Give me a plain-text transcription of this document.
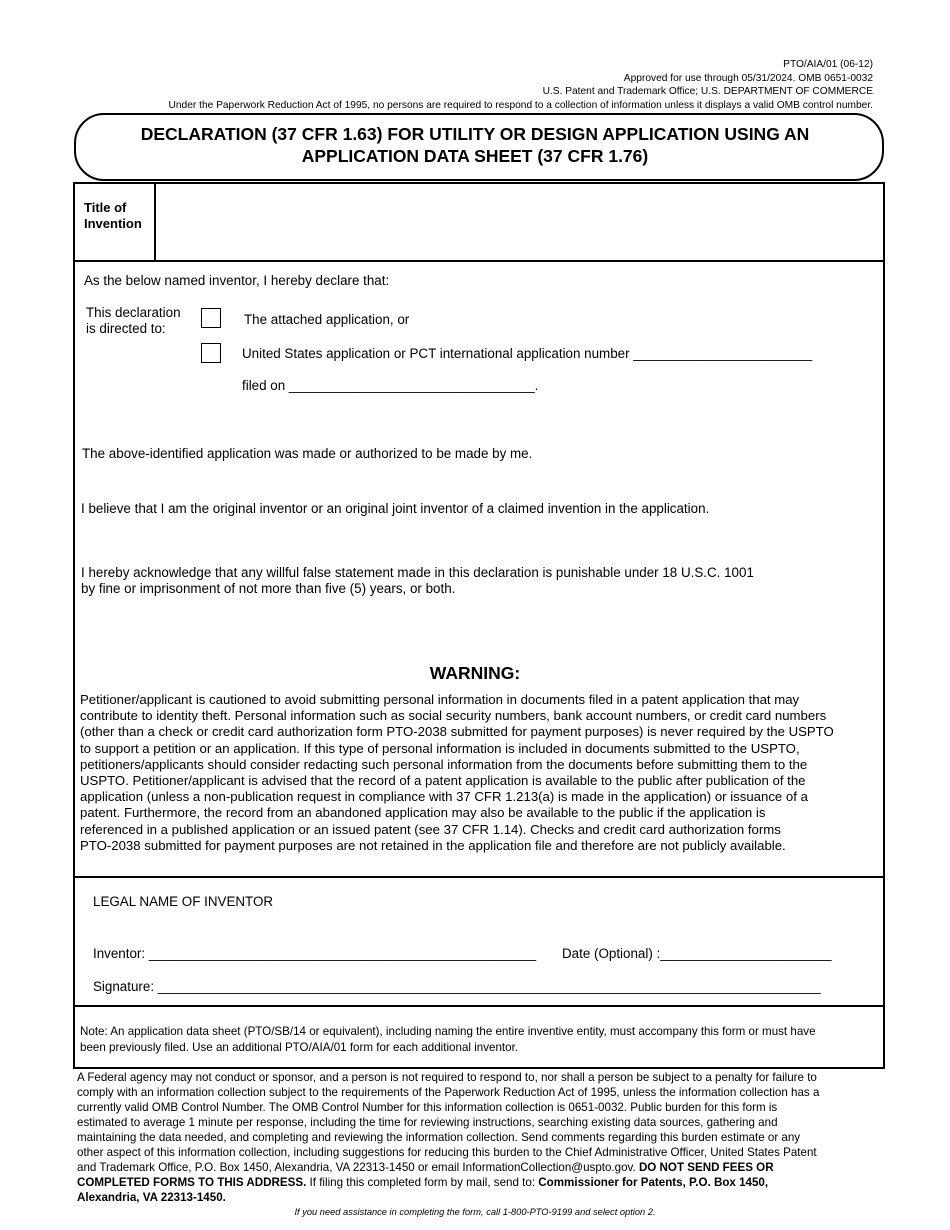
PTO/AIA/01 (06-12)
Approved for use through 05/31/2024. OMB 0651-0032
U.S. Patent and Trademark Office; U.S. DEPARTMENT OF COMMERCE
Under the Paperwork Reduction Act of 1995, no persons are required to respond to a collection of information unless it displays a valid OMB control number.
DECLARATION (37 CFR 1.63) FOR UTILITY OR DESIGN APPLICATION USING AN
APPLICATION DATA SHEET (37 CFR 1.76)
Title of
Invention
As the below named inventor, I hereby declare that:
This declaration
is directed to:
The attached application, or
United States application or PCT international application number ________________________
filed on _________________________________.
The above-identified application was made or authorized to be made by me.
I believe that I am the original inventor or an original joint inventor of a claimed invention in the application.
I hereby acknowledge that any willful false statement made in this declaration is punishable under 18 U.S.C. 1001
by fine or imprisonment of not more than five (5) years, or both.
WARNING:
Petitioner/applicant is cautioned to avoid submitting personal information in documents filed in a patent application that may
contribute to identity theft. Personal information such as social security numbers, bank account numbers, or credit card numbers
(other than a check or credit card authorization form PTO-2038 submitted for payment purposes) is never required by the USPTO
to support a petition or an application. If this type of personal information is included in documents submitted to the USPTO,
petitioners/applicants should consider redacting such personal information from the documents before submitting them to the
USPTO. Petitioner/applicant is advised that the record of a patent application is available to the public after publication of the
application (unless a non-publication request in compliance with 37 CFR 1.213(a) is made in the application) or issuance of a
patent. Furthermore, the record from an abandoned application may also be available to the public if the application is
referenced in a published application or an issued patent (see 37 CFR 1.14). Checks and credit card authorization forms
PTO-2038 submitted for payment purposes are not retained in the application file and therefore are not publicly available.
LEGAL NAME OF INVENTOR
Inventor: ____________________________________________________ Date (Optional) :_______________________
Signature: _________________________________________________________________________________________
Note: An application data sheet (PTO/SB/14 or equivalent), including naming the entire inventive entity, must accompany this form or must have
been previously filed. Use an additional PTO/AIA/01 form for each additional inventor.
A Federal agency may not conduct or sponsor, and a person is not required to respond to, nor shall a person be subject to a penalty for failure to
comply with an information collection subject to the requirements of the Paperwork Reduction Act of 1995, unless the information collection has a
currently valid OMB Control Number. The OMB Control Number for this information collection is 0651-0032. Public burden for this form is
estimated to average 1 minute per response, including the time for reviewing instructions, searching existing data sources, gathering and
maintaining the data needed, and completing and reviewing the information collection. Send comments regarding this burden estimate or any
other aspect of this information collection, including suggestions for reducing this burden to the Chief Administrative Officer, United States Patent
and Trademark Office, P.O. Box 1450, Alexandria, VA 22313-1450 or email InformationCollection@uspto.gov. DO NOT SEND FEES OR
COMPLETED FORMS TO THIS ADDRESS. If filing this completed form by mail, send to: Commissioner for Patents, P.O. Box 1450,
Alexandria, VA 22313-1450.
If you need assistance in completing the form, call 1-800-PTO-9199 and select option 2.
